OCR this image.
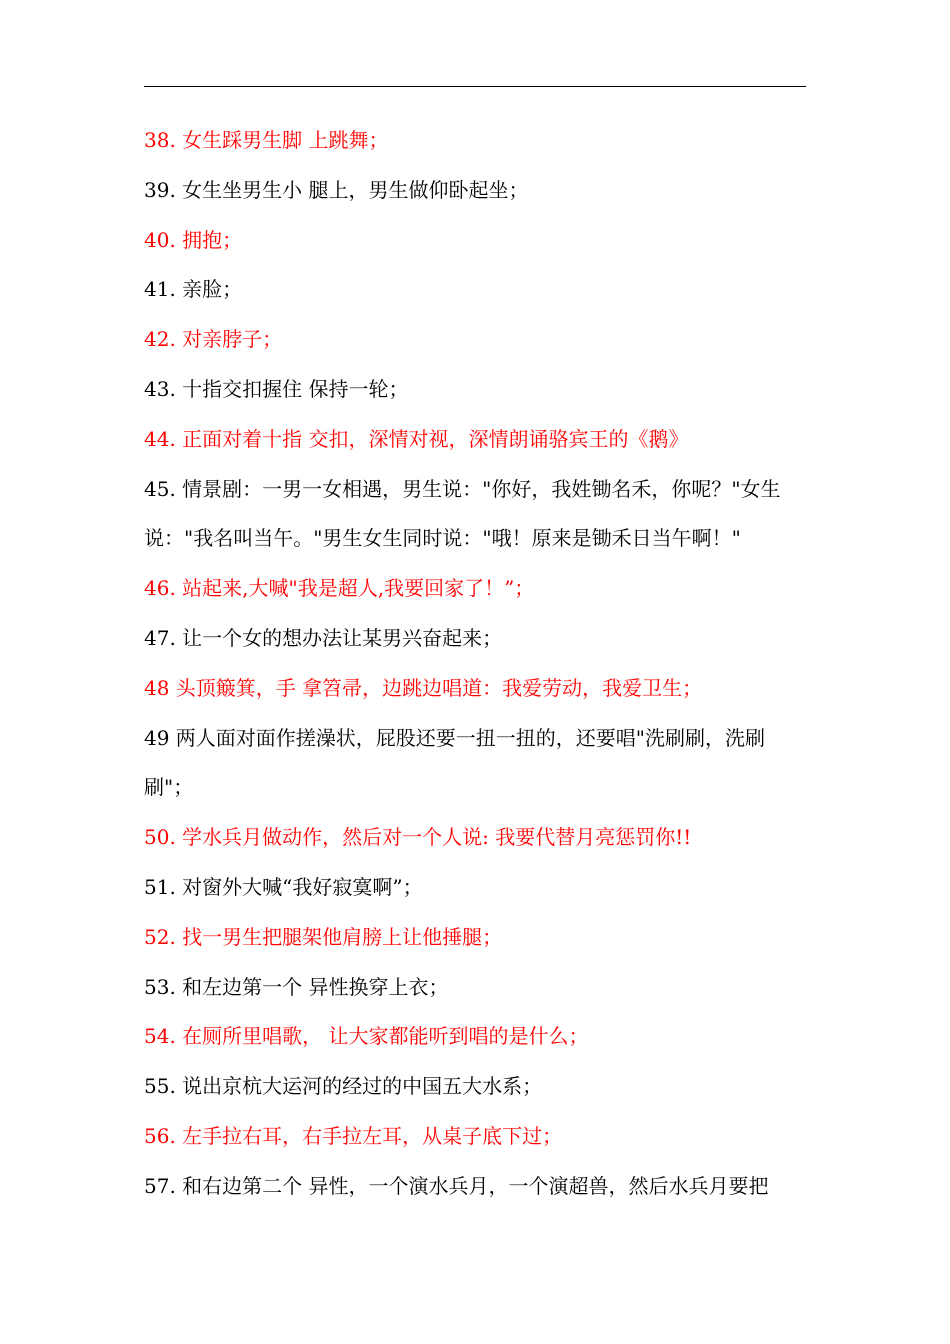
38. 女生踩男生脚 上跳舞；
39. 女生坐男生小 腿上，男生做仰卧起坐；
40. 拥抱；
41. 亲脸；
42. 对亲脖子；
43. 十指交扣握住 保持一轮；
44. 正面对着十指 交扣，深情对视，深情朗诵骆宾王的《鹅》
45. 情景剧：一男一女相遇，男生说："你好，我姓锄名禾，你呢？"女生
说："我名叫当午。"男生女生同时说："哦！原来是锄禾日当午啊！"
46. 站起来,大喊"我是超人,我要回家了！”；
47. 让一个女的想办法让某男兴奋起来；
48 头顶簸箕，手 拿笤帚，边跳边唱道：我爱劳动，我爱卫生；
49 两人面对面作搓澡状，屁股还要一扭一扭的，还要唱"洗刷刷，洗刷
刷"；
50. 学水兵月做动作，然后对一个人说: 我要代替月亮惩罚你!!
51. 对窗外大喊“我好寂寞啊”；
52. 找一男生把腿架他肩膀上让他捶腿；
53. 和左边第一个 异性换穿上衣；
54. 在厕所里唱歌， 让大家都能听到唱的是什么；
55. 说出京杭大运河的经过的中国五大水系；
56. 左手拉右耳，右手拉左耳，从桌子底下过；
57. 和右边第二个 异性，一个演水兵月，一个演超兽，然后水兵月要把
